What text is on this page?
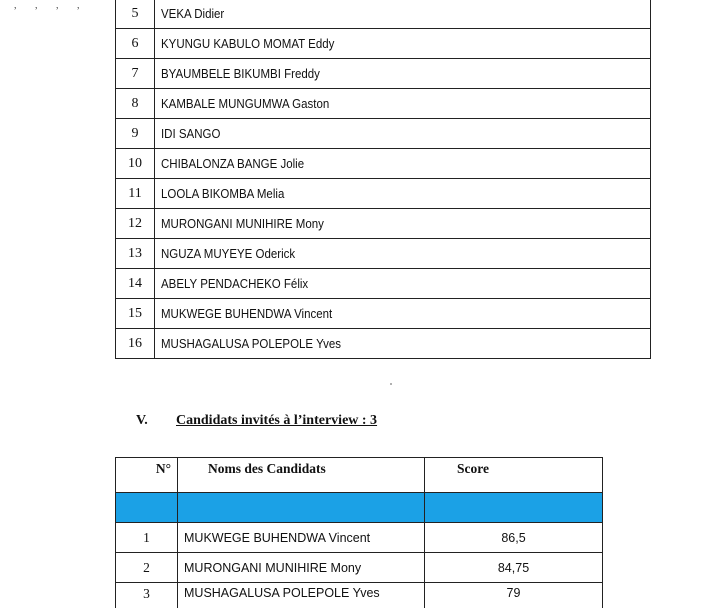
, , , ,
5	VEKA Didier
6	KYUNGU KABULO MOMAT Eddy
7	BYAUMBELE BIKUMBI Freddy
8	KAMBALE MUNGUMWA Gaston
9	IDI SANGO
10	CHIBALONZA BANGE Jolie
11	LOOLA BIKOMBA Melia
12	MURONGANI MUNIHIRE Mony
13	NGUZA MUYEYE Oderick
14	ABELY PENDACHEKO Félix
15	MUKWEGE BUHENDWA Vincent
16	MUSHAGALUSA POLEPOLE Yves
V. Candidats invités à l’interview : 3
N°	Noms des Candidats	Score

1	MUKWEGE BUHENDWA Vincent	86,5
2	MURONGANI MUNIHIRE Mony	84,75
3	MUSHAGALUSA POLEPOLE Yves	79
